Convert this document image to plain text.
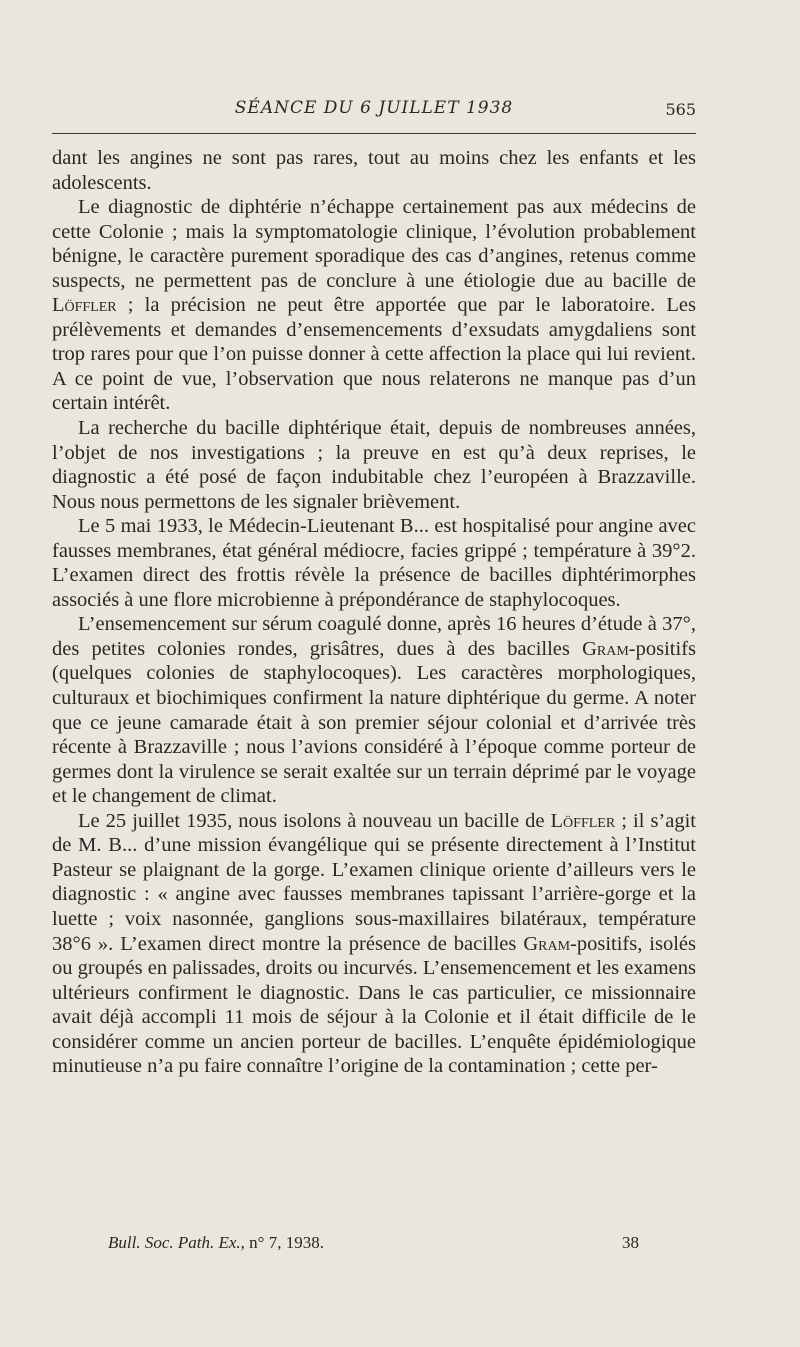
SÉANCE DU 6 JUILLET 1938	565

dant les angines ne sont pas rares, tout au moins chez les enfants et les adolescents.

Le diagnostic de diphtérie n’échappe certainement pas aux médecins de cette Colonie ; mais la symptomatologie clinique, l’évolution probablement bénigne, le caractère purement sporadique des cas d’angines, retenus comme suspects, ne permettent pas de conclure à une étiologie due au bacille de Löffler ; la précision ne peut être apportée que par le laboratoire. Les prélèvements et demandes d’ensemencements d’exsudats amygdaliens sont trop rares pour que l’on puisse donner à cette affection la place qui lui revient. A ce point de vue, l’observation que nous relaterons ne manque pas d’un certain intérêt.

La recherche du bacille diphtérique était, depuis de nombreuses années, l’objet de nos investigations ; la preuve en est qu’à deux reprises, le diagnostic a été posé de façon indubitable chez l’européen à Brazzaville. Nous nous permettons de les signaler brièvement.

Le 5 mai 1933, le Médecin-Lieutenant B... est hospitalisé pour angine avec fausses membranes, état général médiocre, facies grippé ; température à 39°2. L’examen direct des frottis révèle la présence de bacilles diphtérimorphes associés à une flore microbienne à prépondérance de staphylocoques.

L’ensemencement sur sérum coagulé donne, après 16 heures d’étude à 37°, des petites colonies rondes, grisâtres, dues à des bacilles Gram-positifs (quelques colonies de staphylocoques). Les caractères morphologiques, culturaux et biochimiques confirment la nature diphtérique du germe. A noter que ce jeune camarade était à son premier séjour colonial et d’arrivée très récente à Brazzaville ; nous l’avions considéré à l’époque comme porteur de germes dont la virulence se serait exaltée sur un terrain déprimé par le voyage et le changement de climat.

Le 25 juillet 1935, nous isolons à nouveau un bacille de Löffler ; il s’agit de M. B... d’une mission évangélique qui se présente directement à l’Institut Pasteur se plaignant de la gorge. L’examen clinique oriente d’ailleurs vers le diagnostic : « angine avec fausses membranes tapissant l’arrière-gorge et la luette ; voix nasonnée, ganglions sous-maxillaires bilatéraux, température 38°6 ». L’examen direct montre la présence de bacilles Gram-​positifs, isolés ou groupés en palissades, droits ou incurvés. L’ensemencement et les examens ultérieurs confirment le diagnostic. Dans le cas particulier, ce missionnaire avait déjà accompli 11 mois de séjour à la Colonie et il était difficile de le considérer comme un ancien porteur de bacilles. L’enquête épidémiologique minutieuse n’a pu faire connaître l’origine de la contamination ; cette per-

Bull. Soc. Path. Ex., n° 7, 1938.	38
